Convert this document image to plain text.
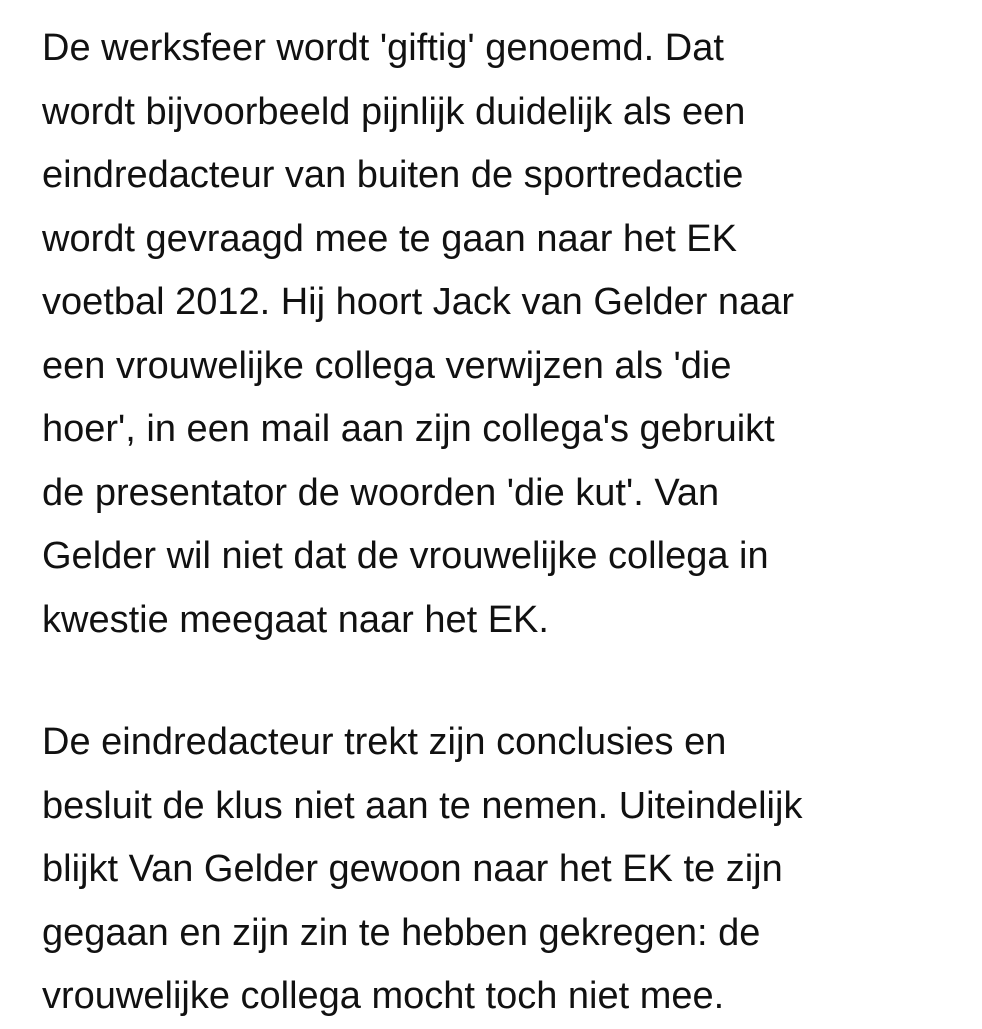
De werksfeer wordt 'giftig' genoemd. Dat
wordt bijvoorbeeld pijnlijk duidelijk als een
eindredacteur van buiten de sportredactie
wordt gevraagd mee te gaan naar het EK
voetbal 2012. Hij hoort Jack van Gelder naar
een vrouwelijke collega verwijzen als 'die
hoer', in een mail aan zijn collega's gebruikt
de presentator de woorden 'die kut'. Van
Gelder wil niet dat de vrouwelijke collega in
kwestie meegaat naar het EK.

De eindredacteur trekt zijn conclusies en
besluit de klus niet aan te nemen. Uiteindelijk
blijkt Van Gelder gewoon naar het EK te zijn
gegaan en zijn zin te hebben gekregen: de
vrouwelijke collega mocht toch niet mee.
